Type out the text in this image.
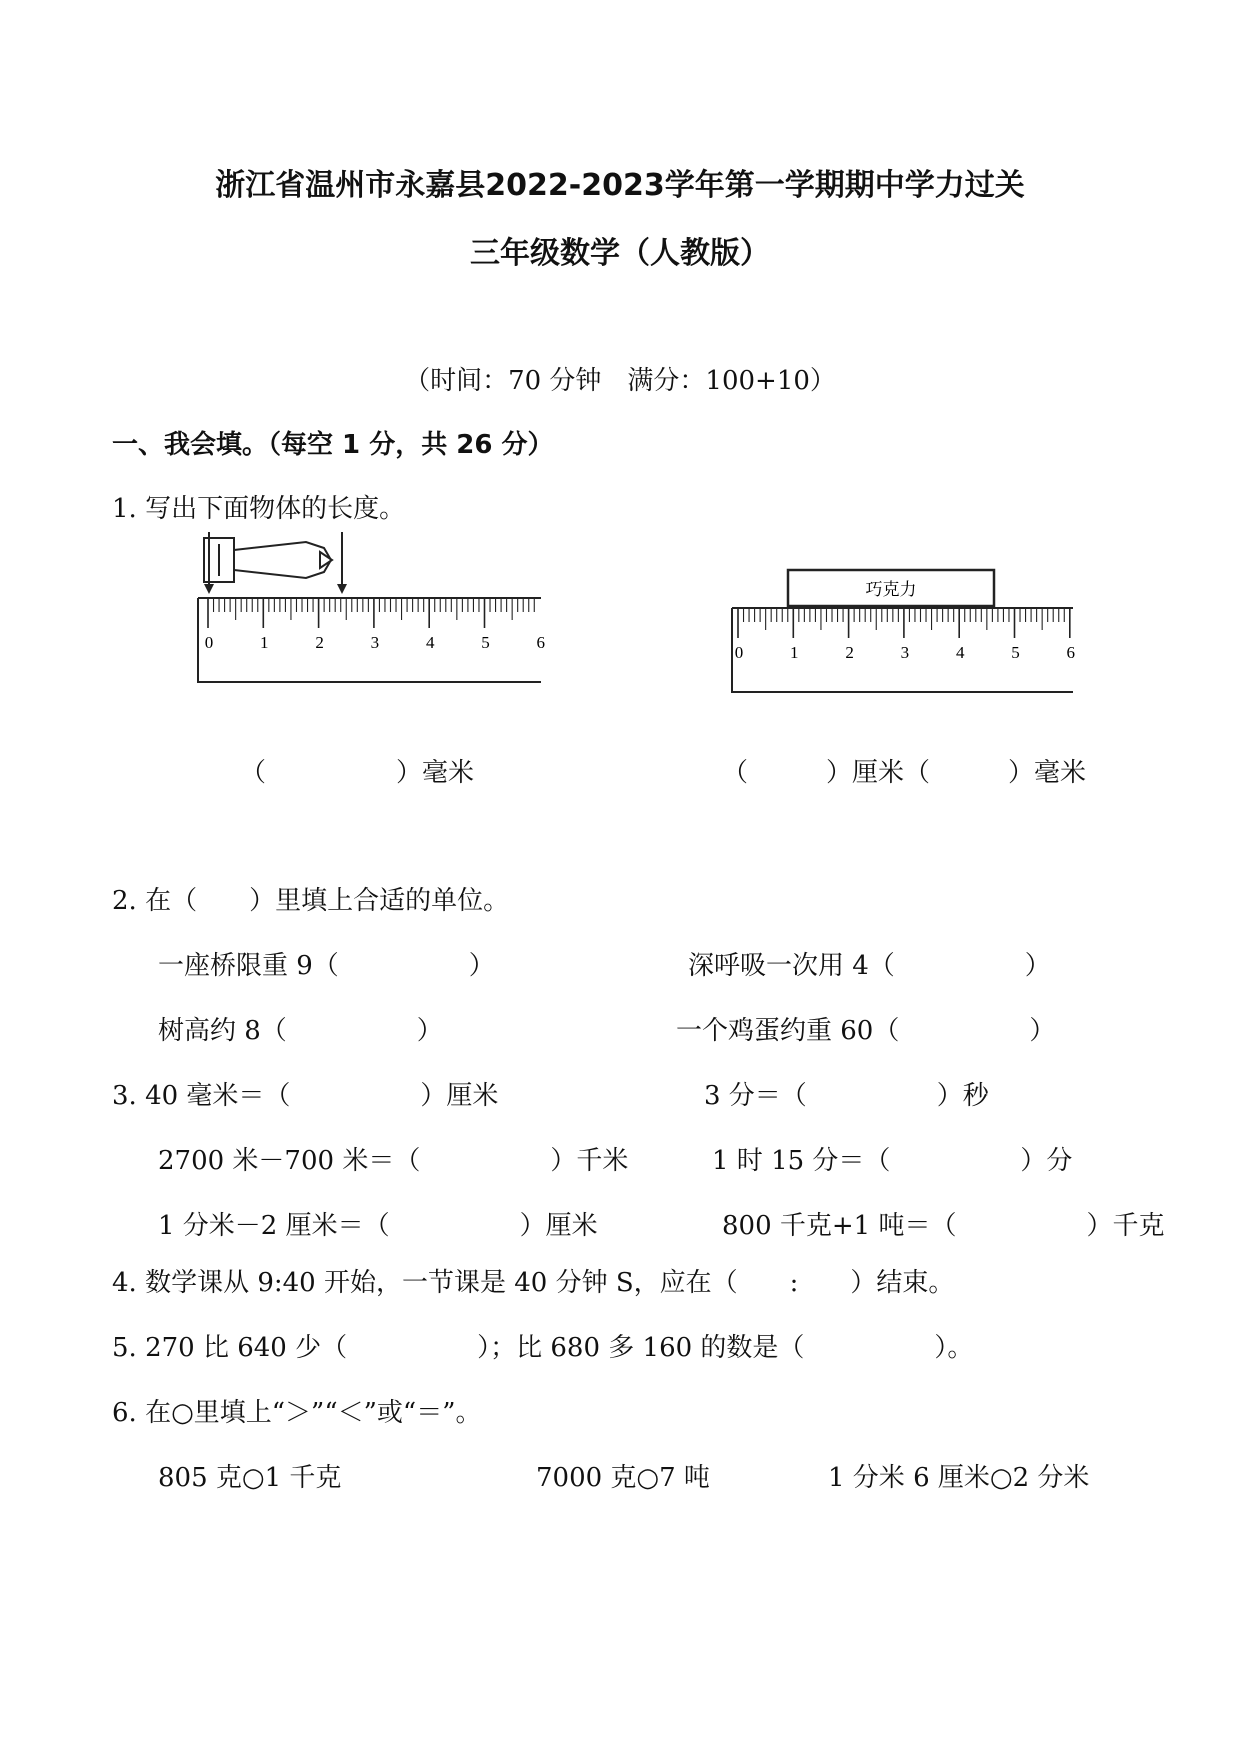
浙江省温州市永嘉县2022-2023学年第一学期期中学力过关
三年级数学（人教版）
（时间：70 分钟　满分：100+10）
一、我会填。（每空 1 分，共 26 分）
1. 写出下面物体的长度。
0	1	2	3	4	5	6
巧克力
0	1	2	3	4	5	6
（　　　　　）毫米	（　　　）厘米（　　　）毫米
2. 在（　　）里填上合适的单位。
一座桥限重 9（　　　　　）	深呼吸一次用 4（　　　　　）
树高约 8（　　　　　）	一个鸡蛋约重 60（　　　　　）
3. 40 毫米＝（　　　　　）厘米	3 分＝（　　　　　）秒
2700 米－700 米＝（　　　　　）千米	1 时 15 分＝（　　　　　）分
1 分米－2 厘米＝（　　　　　）厘米	800 千克+1 吨＝（　　　　　）千克
4. 数学课从 9:40 开始，一节课是 40 分钟 S，应在（　　:　　）结束。
5. 270 比 640 少（　　　　　）；比 680 多 160 的数是（　　　　　）。
6. 在○里填上“＞”“＜”或“＝”。
805 克○1 千克	7000 克○7 吨	1 分米 6 厘米○2 分米
